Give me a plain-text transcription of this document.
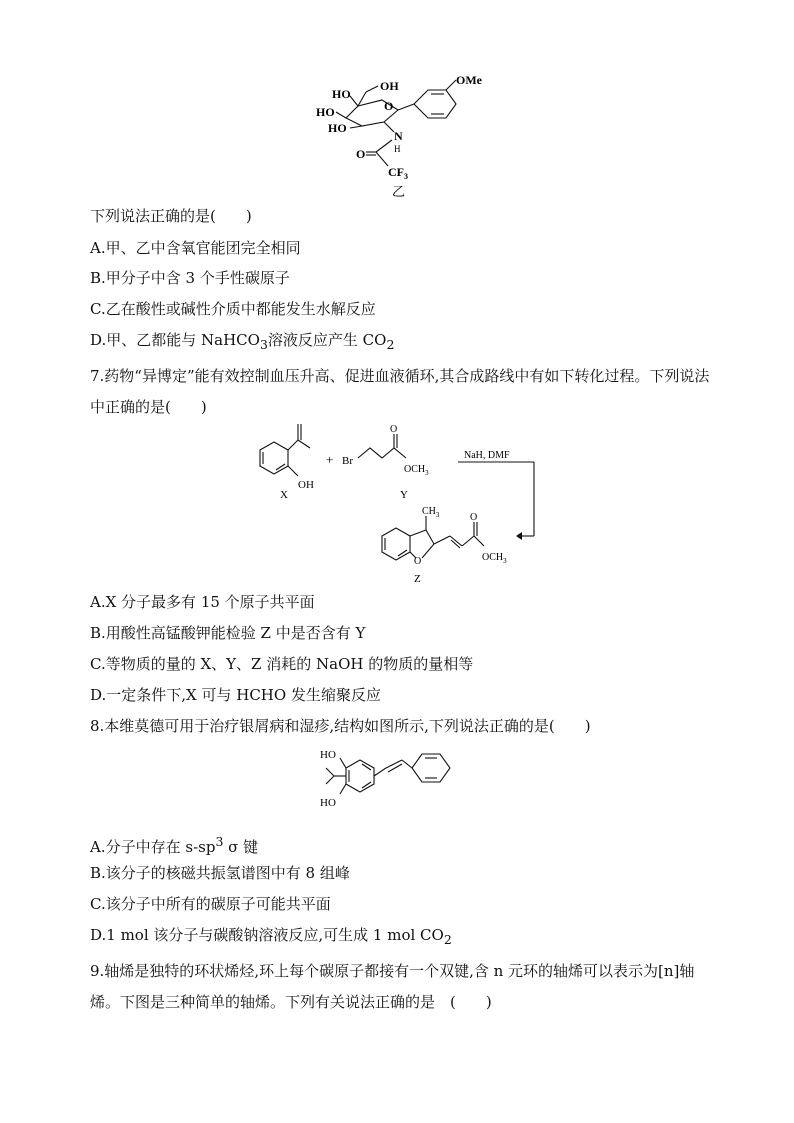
OH
HO
HO
HO
O
OMe
N
H
O
$CF_3$
乙
下列说法正确的是(　　)
A.甲、乙中含氧官能团完全相同
B.甲分子中含 3 个手性碳原子
C.乙在酸性或碱性介质中都能发生水解反应
D.甲、乙都能与 NaHCO$_3$溶液反应产生 $CO_2$
7.药物“异博定”能有效控制血压升高、促进血液循环,其合成路线中有如下转化过程。下列说法中正确的是(　　)
OH
X
+ Br
O
$OCH_3$
Y
NaH, DMF
O
$CH_3$	O
$OCH_3$
Z
A.X 分子最多有 15 个原子共平面
B.用酸性高锰酸钾能检验 Z 中是否含有 Y
C.等物质的量的 X、Y、Z 消耗的 NaOH 的物质的量相等
D.一定条件下,X 可与 HCHO 发生缩聚反应
8.本维莫德可用于治疗银屑病和湿疹,结构如图所示,下列说法正确的是(　　)
HO
HO
A.分子中存在 $s-sp^3$ σ 键
B.该分子的核磁共振氢谱图中有 8 组峰
C.该分子中所有的碳原子可能共平面
D.1 mol 该分子与碳酸钠溶液反应,可生成 1 mol $CO_2$
9.轴烯是独特的环状烯烃,环上每个碳原子都接有一个双键,含 n 元环的轴烯可以表示为[n]轴烯。下图是三种简单的轴烯。下列有关说法正确的是　(　　)
